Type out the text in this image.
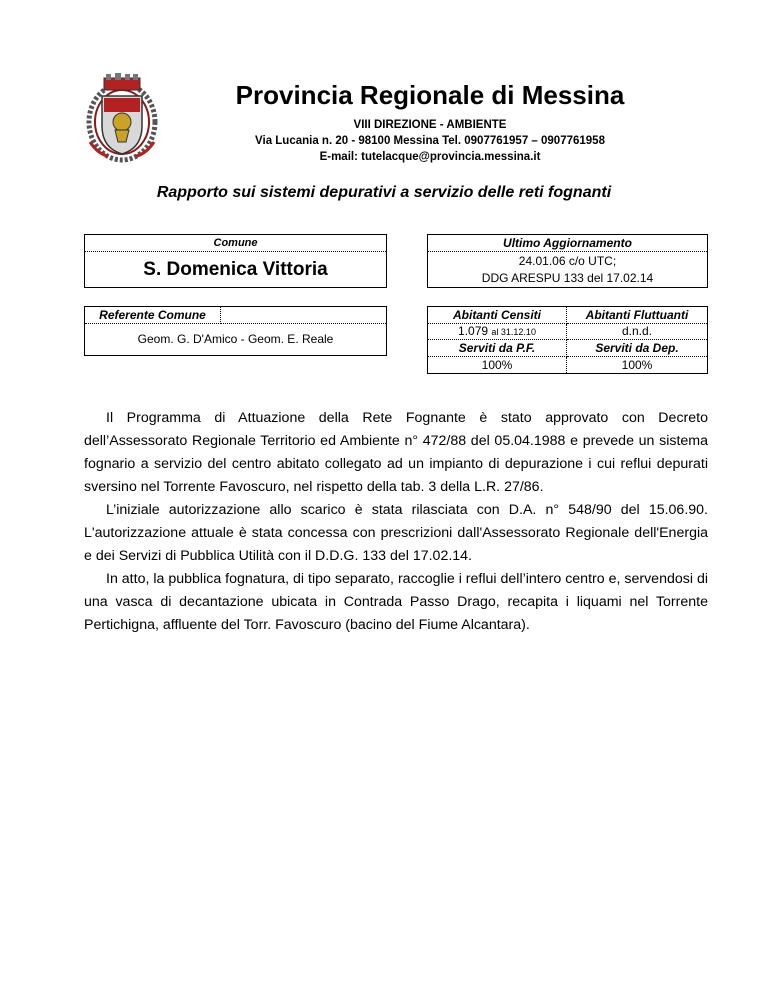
Provincia Regionale di Messina
VIII DIREZIONE - AMBIENTE
Via Lucania n. 20 - 98100 Messina Tel. 0907761957 – 0907761958
E-mail: tutelacque@provincia.messina.it
Rapporto sui sistemi depurativi a servizio delle reti fognanti
Comune
S. Domenica Vittoria
Ultimo Aggiornamento
24.01.06 c/o UTC;
DDG ARESPU 133 del 17.02.14
Referente Comune
Geom. G. D'Amico - Geom. E. Reale
Abitanti Censiti	Abitanti Fluttuanti
1.079 al 31.12.10	d.n.d.
Serviti da P.F.	Serviti da Dep.
100%	100%

Il Programma di Attuazione della Rete Fognante è stato approvato con Decreto dell’Assessorato Regionale Territorio ed Ambiente n° 472/88 del 05.04.1988 e prevede un sistema fognario a servizio del centro abitato collegato ad un impianto di depurazione i cui reflui depurati sversino nel Torrente Favoscuro, nel rispetto della tab. 3 della L.R. 27/86.

L’iniziale autorizzazione allo scarico è stata rilasciata con D.A. n° 548/90 del 15.06.90. L'autorizzazione attuale è stata concessa con prescrizioni dall'Assessorato Regionale dell'Energia e dei Servizi di Pubblica Utilità con il D.D.G. 133 del 17.02.14.

In atto, la pubblica fognatura, di tipo separato, raccoglie i reflui dell’intero centro e, servendosi di una vasca di decantazione ubicata in Contrada Passo Drago, recapita i liquami nel Torrente Pertichigna, affluente del Torr. Favoscuro (bacino del Fiume Alcantara).
